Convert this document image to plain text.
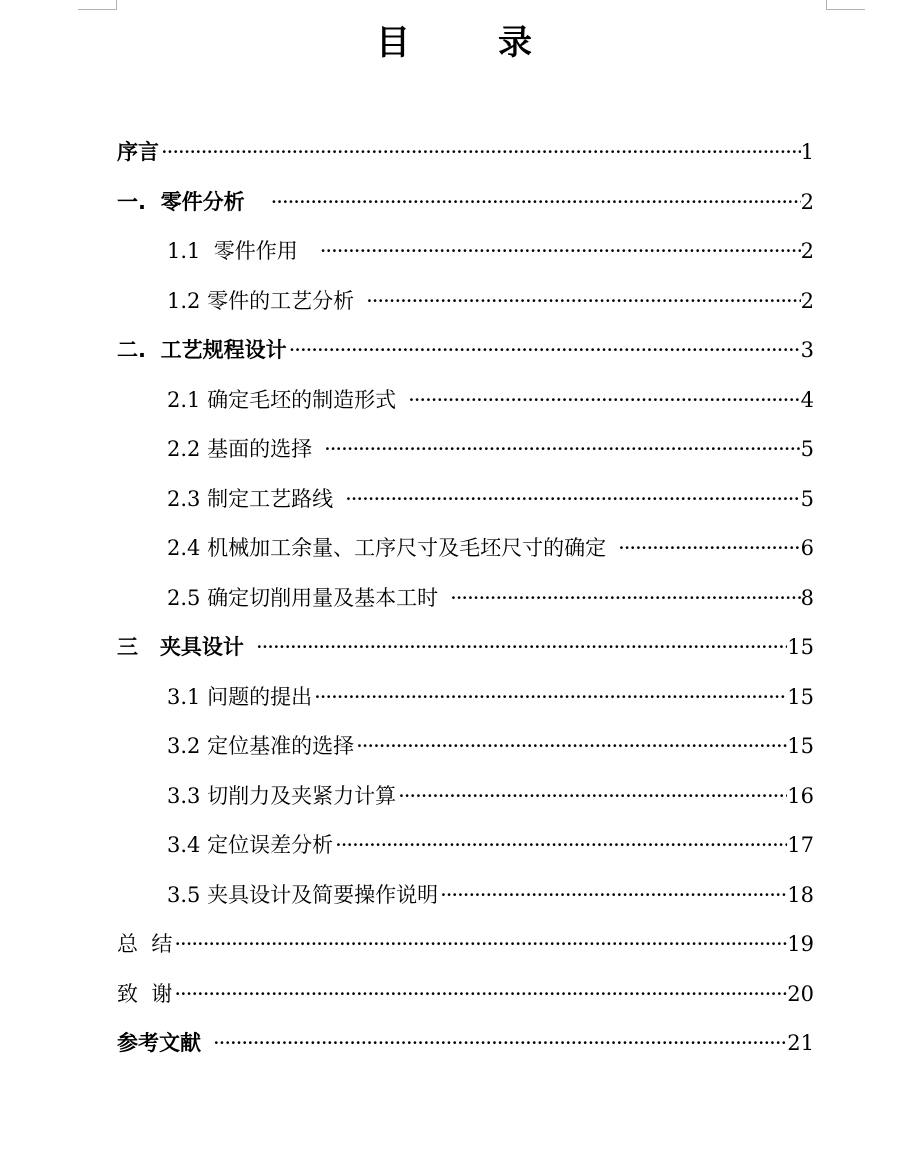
目	录
序言 ·····	1
一.  零件分析 ·····	2
1.1  零件作用 ·····	2
1.2 零件的工艺分析 ·····	2
二.  工艺规程设计 ·····	3
2.1 确定毛坯的制造形式 ·····	4
2.2 基面的选择 ·····	5
2.3 制定工艺路线 ·····	5
2.4 机械加工余量、工序尺寸及毛坯尺寸的确定 ·····	6
2.5 确定切削用量及基本工时 ·····	8
三   夹具设计 ·····	15
3.1 问题的提出 ·····	15
3.2 定位基准的选择 ·····	15
3.3 切削力及夹紧力计算 ·····	16
3.4 定位误差分析 ·····	17
3.5 夹具设计及简要操作说明 ·····	18
总  结 ·····	19
致  谢 ·····	20
参考文献 ·····	21
